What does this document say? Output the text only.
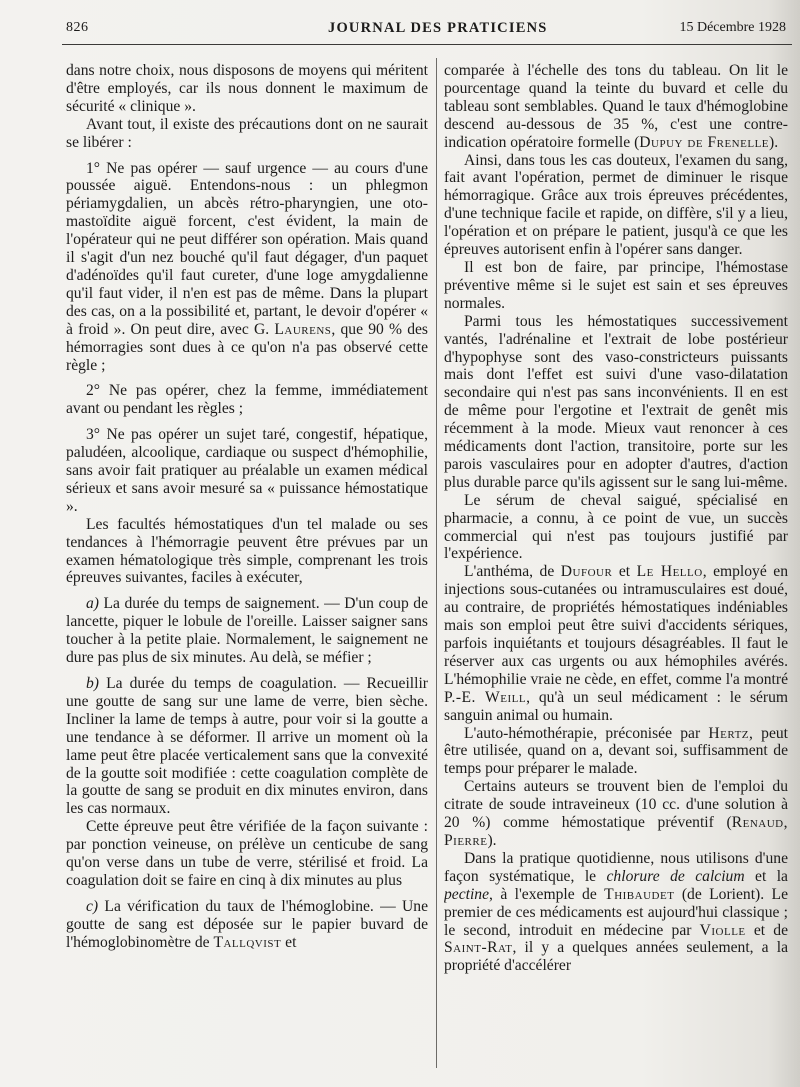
826	JOURNAL DES PRATICIENS	15 Décembre 1928

dans notre choix, nous disposons de moyens qui méritent d'être employés, car ils nous donnent le maximum de sécurité « clinique ».

Avant tout, il existe des précautions dont on ne saurait se libérer :

1° Ne pas opérer — sauf urgence — au cours d'une poussée aiguë. Entendons-nous : un phlegmon périamygdalien, un abcès rétro-pharyngien, une oto-mastoïdite aiguë forcent, c'est évident, la main de l'opérateur qui ne peut différer son opération. Mais quand il s'agit d'un nez bouché qu'il faut dégager, d'un paquet d'adénoïdes qu'il faut cureter, d'une loge amygdalienne qu'il faut vider, il n'en est pas de même. Dans la plupart des cas, on a la possibilité et, partant, le devoir d'opérer « à froid ». On peut dire, avec G. Laurens, que 90 % des hémorragies sont dues à ce qu'on n'a pas observé cette règle ;

2° Ne pas opérer, chez la femme, immédiatement avant ou pendant les règles ;

3° Ne pas opérer un sujet taré, congestif, hépatique, paludéen, alcoolique, cardiaque ou suspect d'hémophilie, sans avoir fait pratiquer au préalable un examen médical sérieux et sans avoir mesuré sa « puissance hémostatique ».

Les facultés hémostatiques d'un tel malade ou ses tendances à l'hémorragie peuvent être prévues par un examen hématologique très simple, comprenant les trois épreuves suivantes, faciles à exécuter,

a) La durée du temps de saignement. — D'un coup de lancette, piquer le lobule de l'oreille. Laisser saigner sans toucher à la petite plaie. Normalement, le saignement ne dure pas plus de six minutes. Au delà, se méfier ;

b) La durée du temps de coagulation. — Recueillir une goutte de sang sur une lame de verre, bien sèche. Incliner la lame de temps à autre, pour voir si la goutte a une tendance à se déformer. Il arrive un moment où la lame peut être placée verticalement sans que la convexité de la goutte soit modifiée : cette coagulation complète de la goutte de sang se produit en dix minutes environ, dans les cas normaux.

Cette épreuve peut être vérifiée de la façon suivante : par ponction veineuse, on prélève un centicube de sang qu'on verse dans un tube de verre, stérilisé et froid. La coagulation doit se faire en cinq à dix minutes au plus

c) La vérification du taux de l'hémoglobine. — Une goutte de sang est déposée sur le papier buvard de l'hémoglobinomètre de Tallqvist et

comparée à l'échelle des tons du tableau. On lit le pourcentage quand la teinte du buvard et celle du tableau sont semblables. Quand le taux d'hémoglobine descend au-dessous de 35 %, c'est une contre-indication opératoire formelle (Dupuy de Frenelle).

Ainsi, dans tous les cas douteux, l'examen du sang, fait avant l'opération, permet de diminuer le risque hémorragique. Grâce aux trois épreuves précédentes, d'une technique facile et rapide, on diffère, s'il y a lieu, l'opération et on prépare le patient, jusqu'à ce que les épreuves autorisent enfin à l'opérer sans danger.

Il est bon de faire, par principe, l'hémostase préventive même si le sujet est sain et ses épreuves normales.

Parmi tous les hémostatiques successivement vantés, l'adrénaline et l'extrait de lobe postérieur d'hypophyse sont des vaso-constricteurs puissants mais dont l'effet est suivi d'une vaso-dilatation secondaire qui n'est pas sans inconvénients. Il en est de même pour l'ergotine et l'extrait de genêt mis récemment à la mode. Mieux vaut renoncer à ces médicaments dont l'action, transitoire, porte sur les parois vasculaires pour en adopter d'autres, d'action plus durable parce qu'ils agissent sur le sang lui-même.

Le sérum de cheval saigué, spécialisé en pharmacie, a connu, à ce point de vue, un succès commercial qui n'est pas toujours justifié par l'expérience.

L'anthéma, de Dufour et Le Hello, employé en injections sous-cutanées ou intramusculaires est doué, au contraire, de propriétés hémostatiques indéniables mais son emploi peut être suivi d'accidents sériques, parfois inquiétants et toujours désagréables. Il faut le réserver aux cas urgents ou aux hémophiles avérés. L'hémophilie vraie ne cède, en effet, comme l'a montré P.-E. Weill, qu'à un seul médicament : le sérum sanguin animal ou humain.

L'auto-hémothérapie, préconisée par Hertz, peut être utilisée, quand on a, devant soi, suffisamment de temps pour préparer le malade.

Certains auteurs se trouvent bien de l'emploi du citrate de soude intraveineux (10 cc. d'une solution à 20 %) comme hémostatique préventif (Renaud, Pierre).

Dans la pratique quotidienne, nous utilisons d'une façon systématique, le chlorure de calcium et la pectine, à l'exemple de Thibaudet (de Lorient). Le premier de ces médicaments est aujourd'hui classique ; le second, introduit en médecine par Violle et de Saint-Rat, il y a quelques années seulement, a la propriété d'accélérer
